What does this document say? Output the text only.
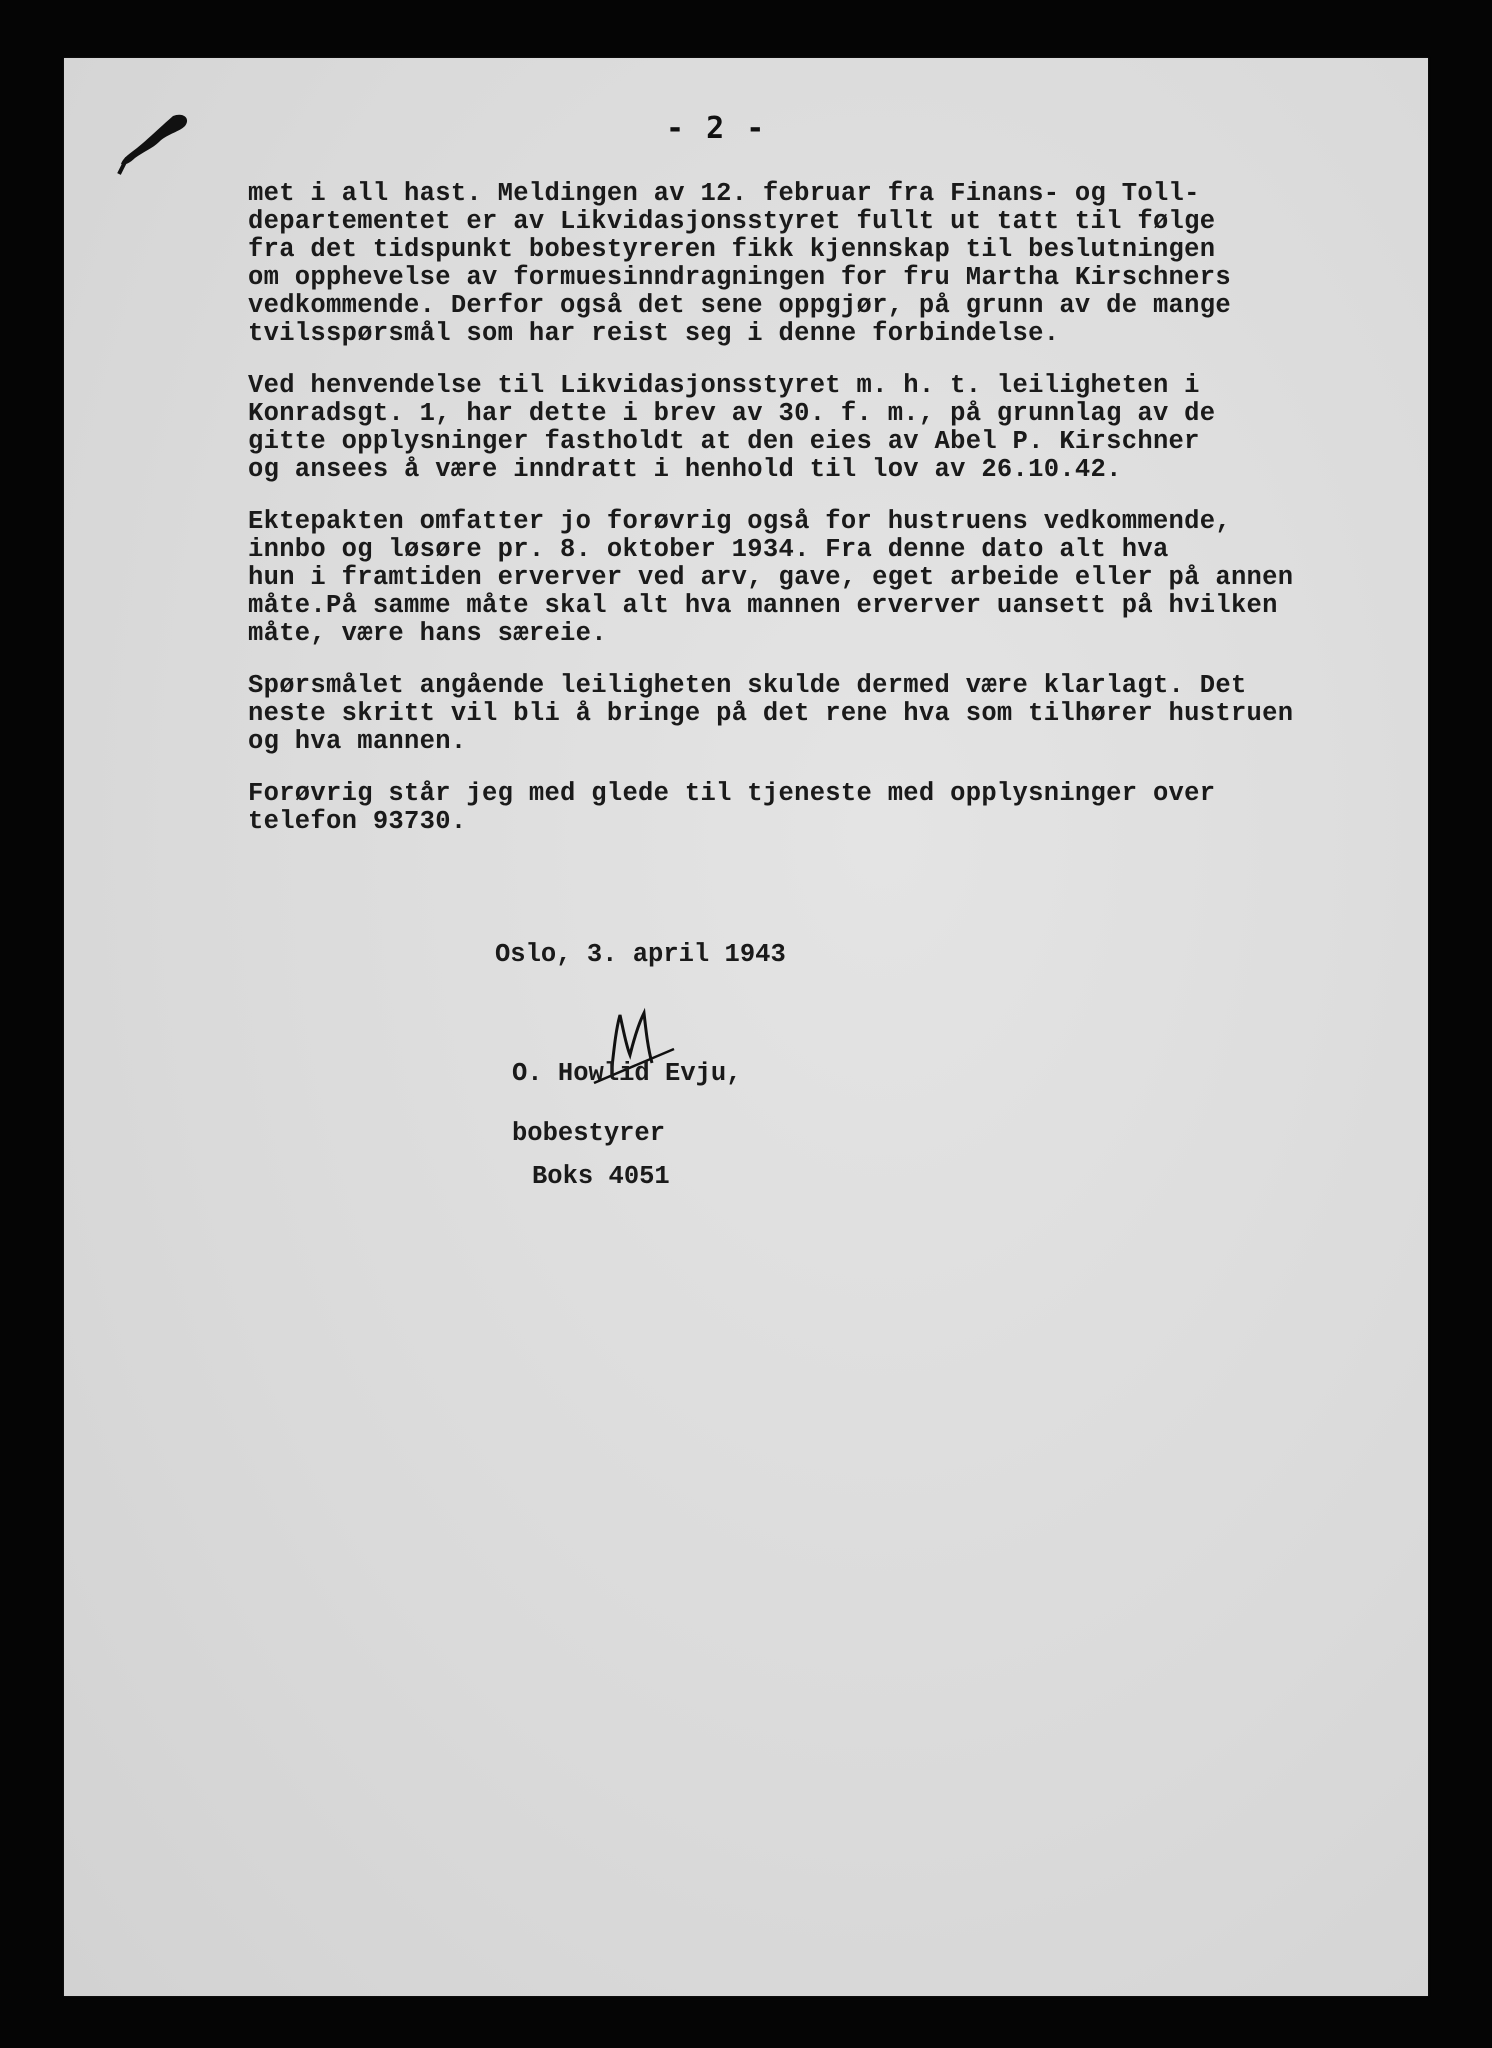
- 2 -
met i all hast. Meldingen av 12. februar fra Finans- og Toll-
departementet er av Likvidasjonsstyret fullt ut tatt til følge
fra det tidspunkt bobestyreren fikk kjennskap til beslutningen
om opphevelse av formuesinndragningen for fru Martha Kirschners
vedkommende. Derfor også det sene oppgjør, på grunn av de mange
tvilsspørsmål som har reist seg i denne forbindelse.
Ved henvendelse til Likvidasjonsstyret m. h. t. leiligheten i
Konradsgt. 1, har dette i brev av 30. f. m., på grunnlag av de
gitte opplysninger fastholdt at den eies av Abel P. Kirschner
og ansees å være inndratt i henhold til lov av 26.10.42.
Ektepakten omfatter jo forøvrig også for hustruens vedkommende,
innbo og løsøre pr. 8. oktober 1934. Fra denne dato alt hva
hun i framtiden erverver ved arv, gave, eget arbeide eller på annen
måte.På samme måte skal alt hva mannen erverver uansett på hvilken
måte, være hans særeie.
Spørsmålet angående leiligheten skulde dermed være klarlagt. Det
neste skritt vil bli å bringe på det rene hva som tilhører hustruen
og hva mannen.
Forøvrig står jeg med glede til tjeneste med opplysninger over
telefon 93730.
Oslo, 3. april 1943
O. Howlid Evju,
bobestyrer
Boks 4051
